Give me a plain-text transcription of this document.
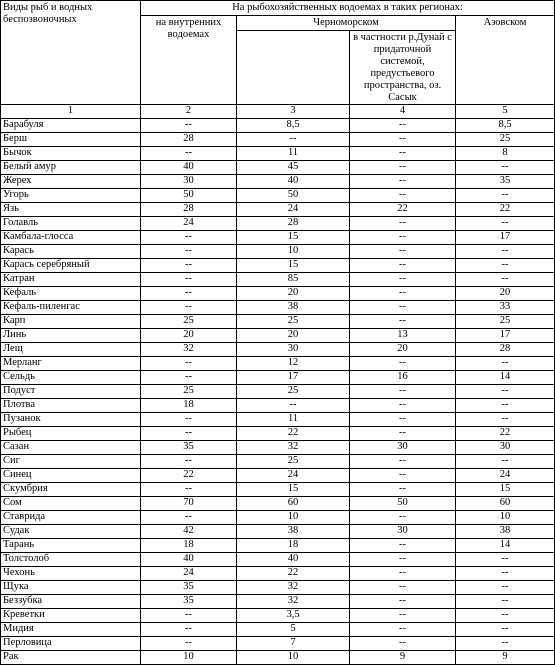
Виды рыб и водных беспозвоночных	На рыбохозяйственных водоемах в таких регионах:			
	на внутренних водоемах	Черноморском		Азовском
			в частности р.Дунай с придаточной системой, предустьевого пространства, оз. Сасык	
1	2	3	4	5
Барабуля	--	8,5	--	8,5
Берш	28	--	--	25
Бычок	--	11	--	8
Белый амур	40	45	--	--
Жерех	30	40	--	35
Угорь	50	50	--	--
Язь	28	24	22	22
Голавль	24	28	--	--
Камбала-глосса	--	15	--	17
Карась	--	10	--	--
Карась серебряный	--	15	--	--
Катран	--	85	--	--
Кефаль	--	20	--	20
Кефаль-пиленгас	--	38	--	33
Карп	25	25	--	25
Линь	20	20	13	17
Лещ	32	30	20	28
Мерланг	--	12	--	--
Сельдь	--	17	16	14
Подуст	25	25	--	--
Плотва	18	--	--	--
Пузанок	--	11	--	--
Рыбец	--	22	--	22
Сазан	35	32	30	30
Сиг	--	25	--	--
Синец	22	24	--	24
Скумбрия	--	15	--	15
Сом	70	60	50	60
Ставрида	--	10	--	10
Судак	42	38	30	38
Тарань	18	18	--	14
Толстолоб	40	40	--	--
Чехонь	24	22	--	--
Щука	35	32	--	--
Беззубка	35	32	--	--
Креветки	--	3,5	--	--
Мидия	--	5	--	--
Перловица	--	7	--	--
Рак	10	10	9	9
